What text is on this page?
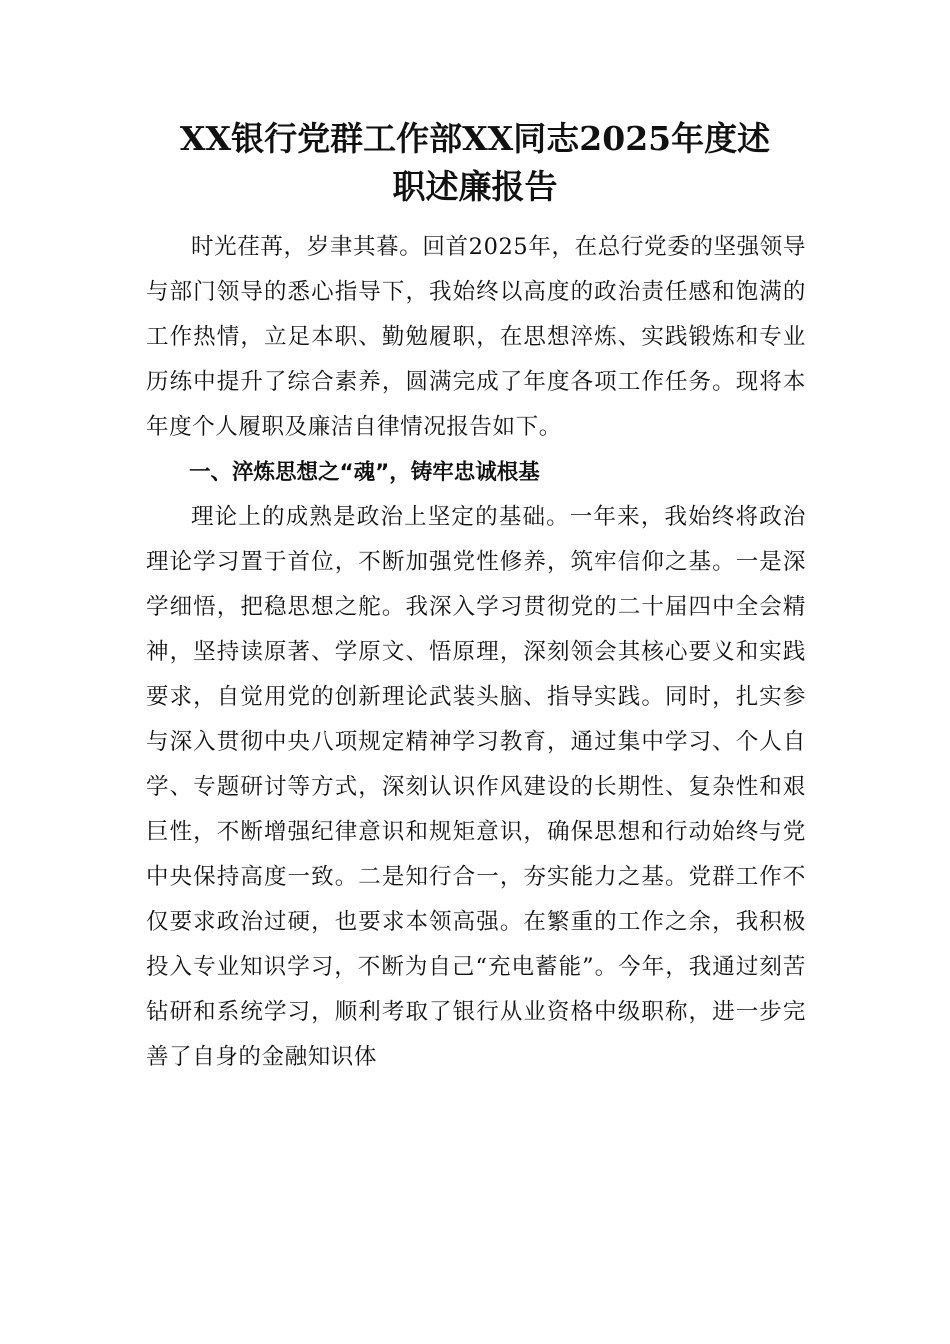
XX银行党群工作部XX同志2025年度述
职述廉报告

时光荏苒，岁聿其暮。回首2025年，在总行党委的坚强领导与部门领导的悉心指导下，我始终以高度的政治责任感和饱满的工作热情，立足本职、勤勉履职，在思想淬炼、实践锻炼和专业历练中提升了综合素养，圆满完成了年度各项工作任务。现将本年度个人履职及廉洁自律情况报告如下。

一、淬炼思想之“魂”，铸牢忠诚根基

理论上的成熟是政治上坚定的基础。一年来，我始终将政治理论学习置于首位，不断加强党性修养，筑牢信仰之基。一是深学细悟，把稳思想之舵。我深入学习贯彻党的二十届四中全会精神，坚持读原著、学原文、悟原理，深刻领会其核心要义和实践要求，自觉用党的创新理论武装头脑、指导实践。同时，扎实参与深入贯彻中央八项规定精神学习教育，通过集中学习、个人自学、专题研讨等方式，深刻认识作风建设的长期性、复杂性和艰巨性，不断增强纪律意识和规矩意识，确保思想和行动始终与党中央保持高度一致。二是知行合一，夯实能力之基。党群工作不仅要求政治过硬，也要求本领高强。在繁重的工作之余，我积极投入专业知识学习，不断为自己“充电蓄能”。今年，我通过刻苦钻研和系统学习，顺利考取了银行从业资格中级职称，进一步完善了自身的金融知识体
